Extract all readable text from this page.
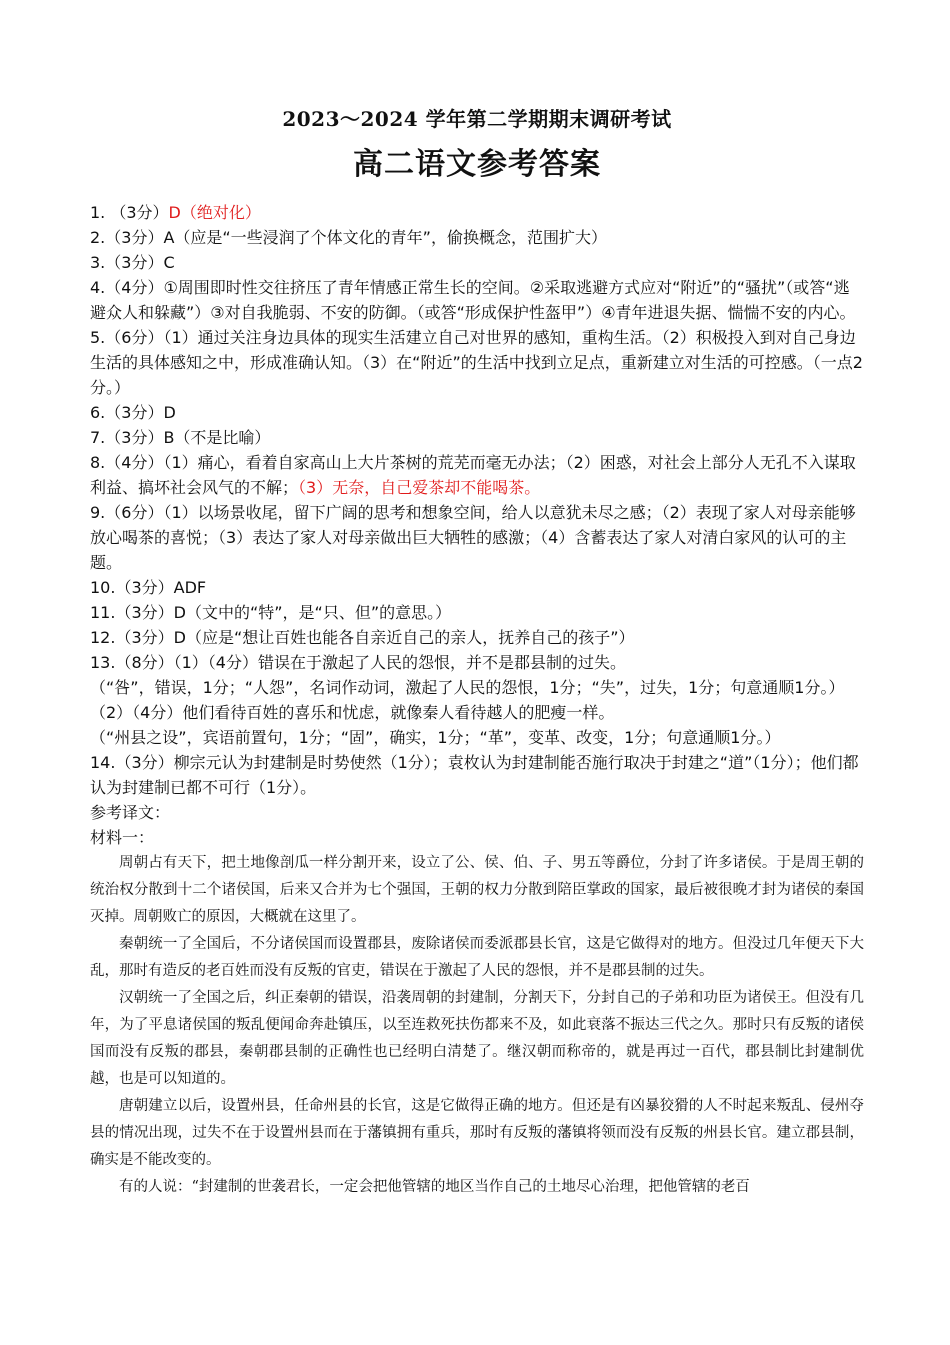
2023～2024 学年第二学期期末调研考试
高二语文参考答案

1. （3分）D（绝对化）

2.（3分）A（应是“一些浸润了个体文化的青年”，偷换概念，范围扩大）

3.（3分）C

4.（4分）①周围即时性交往挤压了青年情感正常生长的空间。②采取逃避方式应对“附近”的“骚扰”（或答“逃避众人和躲藏”）③对自我脆弱、不安的防御。（或答“形成保护性盔甲”）④青年进退失据、惴惴不安的内心。

5.（6分）（1）通过关注身边具体的现实生活建立自己对世界的感知，重构生活。（2）积极投入到对自己身边生活的具体感知之中，形成准确认知。（3）在“附近”的生活中找到立足点，重新建立对生活的可控感。（一点2分。）

6.（3分）D

7.（3分）B（不是比喻）

8.（4分）（1）痛心，看着自家高山上大片茶树的荒芜而毫无办法；（2）困惑，对社会上部分人无孔不入谋取利益、搞坏社会风气的不解；（3）无奈，自己爱茶却不能喝茶。

9.（6分）（1）以场景收尾，留下广阔的思考和想象空间，给人以意犹未尽之感；（2）表现了家人对母亲能够放心喝茶的喜悦；（3）表达了家人对母亲做出巨大牺牲的感激；（4）含蓄表达了家人对清白家风的认可的主题。

10.（3分）ADF

11.（3分）D（文中的“特”，是“只、但”的意思。）

12.（3分）D（应是“想让百姓也能各自亲近自己的亲人，抚养自己的孩子”）

13.（8分）（1）（4分）错误在于激起了人民的怨恨，并不是郡县制的过失。

（“咎”，错误，1分；“人怨”，名词作动词，激起了人民的怨恨，1分；“失”，过失，1分；句意通顺1分。）

（2）（4分）他们看待百姓的喜乐和忧虑，就像秦人看待越人的肥瘦一样。

（“州县之设”，宾语前置句，1分；“固”，确实，1分；“革”，变革、改变，1分；句意通顺1分。）

14.（3分）柳宗元认为封建制是时势使然（1分）；袁枚认为封建制能否施行取决于封建之“道”（1分）；他们都认为封建制已都不可行（1分）。

参考译文：

材料一：

周朝占有天下，把土地像剖瓜一样分割开来，设立了公、侯、伯、子、男五等爵位，分封了许多诸侯。于是周王朝的统治权分散到十二个诸侯国，后来又合并为七个强国，王朝的权力分散到陪臣掌政的国家，最后被很晚才封为诸侯的秦国灭掉。周朝败亡的原因，大概就在这里了。

秦朝统一了全国后，不分诸侯国而设置郡县，废除诸侯而委派郡县长官，这是它做得对的地方。但没过几年便天下大乱，那时有造反的老百姓而没有反叛的官吏，错误在于激起了人民的怨恨，并不是郡县制的过失。

汉朝统一了全国之后，纠正秦朝的错误，沿袭周朝的封建制，分割天下，分封自己的子弟和功臣为诸侯王。但没有几年，为了平息诸侯国的叛乱便闻命奔赴镇压，以至连救死扶伤都来不及，如此衰落不振达三代之久。那时只有反叛的诸侯国而没有反叛的郡县，秦朝郡县制的正确性也已经明白清楚了。继汉朝而称帝的，就是再过一百代，郡县制比封建制优越，也是可以知道的。

唐朝建立以后，设置州县，任命州县的长官，这是它做得正确的地方。但还是有凶暴狡猾的人不时起来叛乱、侵州夺县的情况出现，过失不在于设置州县而在于藩镇拥有重兵，那时有反叛的藩镇将领而没有反叛的州县长官。建立郡县制，确实是不能改变的。

有的人说：“封建制的世袭君长，一定会把他管辖的地区当作自己的土地尽心治理，把他管辖的老百
